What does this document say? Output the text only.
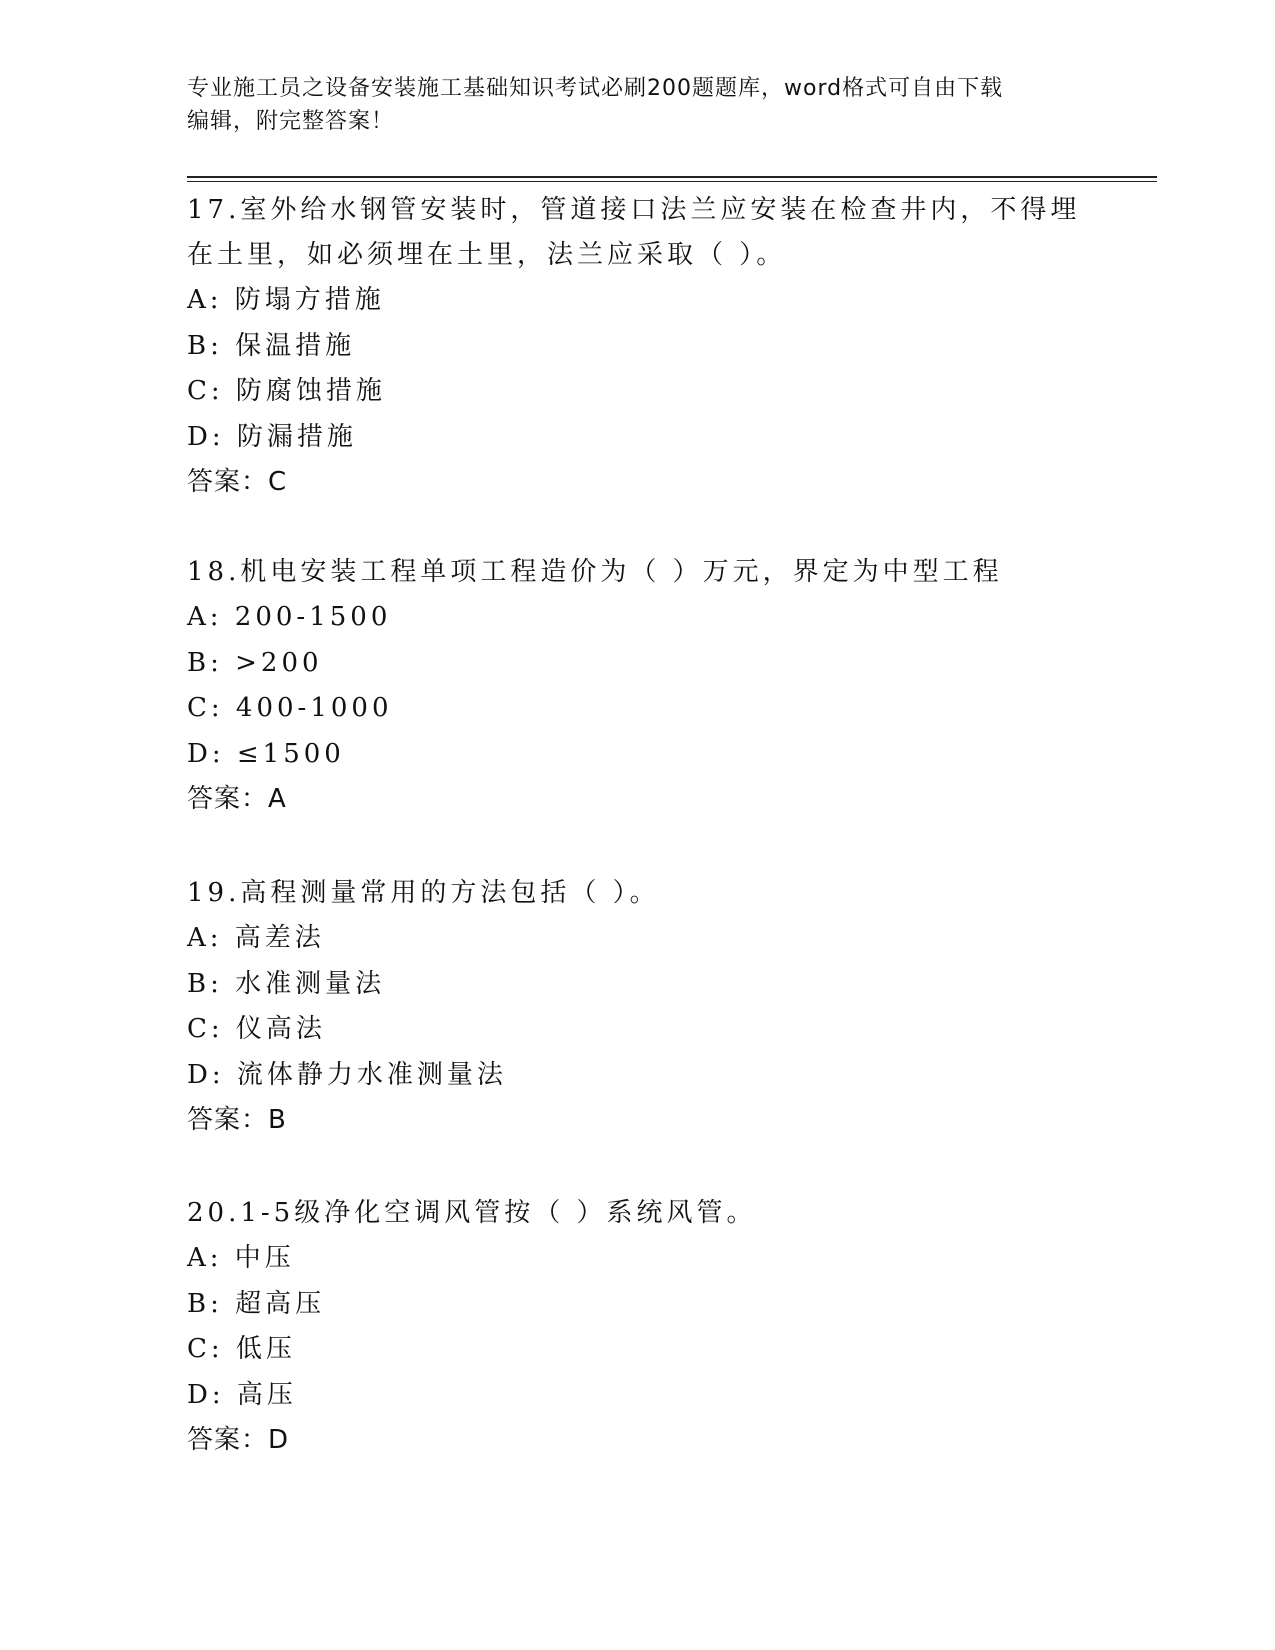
专业施工员之设备安装施工基础知识考试必刷200题题库，word格式可自由下载
编辑，附完整答案！

17.室外给水钢管安装时，管道接口法兰应安装在检查井内，不得埋在土里，如必须埋在土里，法兰应采取（ ）。

A: 防塌方措施
B: 保温措施
C: 防腐蚀措施
D: 防漏措施
答案：C

18.机电安装工程单项工程造价为（ ）万元，界定为中型工程

A: 200-1500
B: >200
C: 400-1000
D: ≤1500
答案：A

19.高程测量常用的方法包括（ ）。

A: 高差法
B: 水准测量法
C: 仪高法
D: 流体静力水准测量法
答案：B

20.1-5级净化空调风管按（ ）系统风管。

A: 中压
B: 超高压
C: 低压
D: 高压
答案：D
